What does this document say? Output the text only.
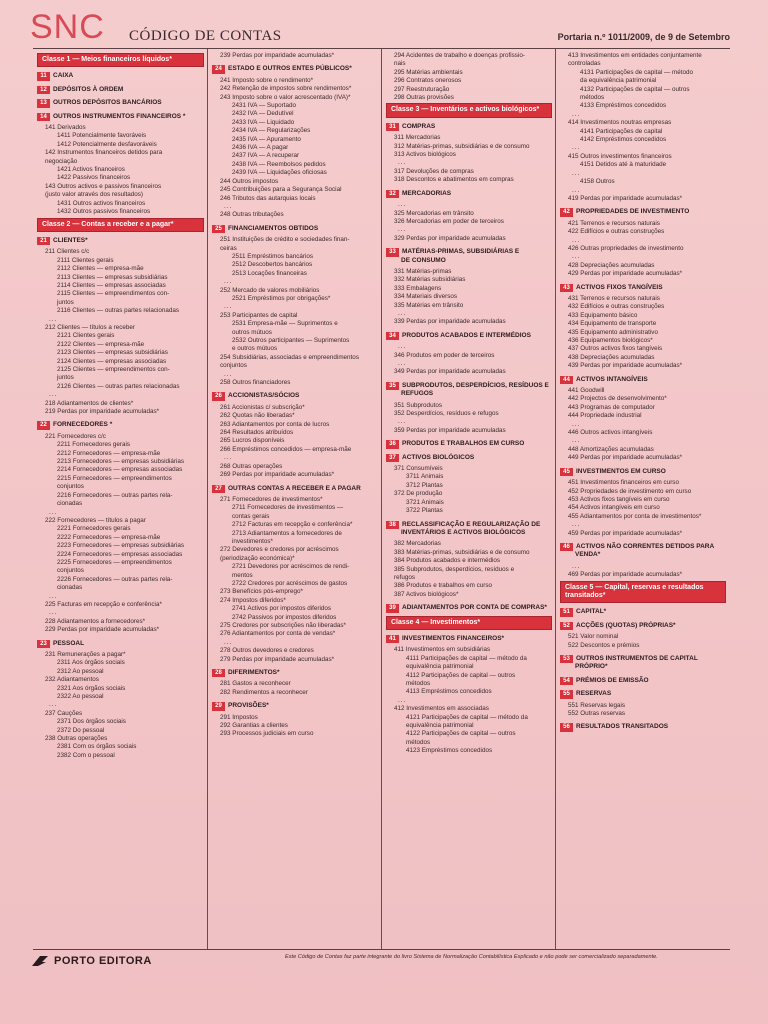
SNC CÓDIGO DE CONTAS	Portaria n.º 1011/2009, de 9 de Setembro
Classe 1 — Meios financeiros líquidos*
11 CAIXA
12 DEPÓSITOS À ORDEM
13 OUTROS DEPÓSITOS BANCÁRIOS
14 OUTROS INSTRUMENTOS FINANCEIROS *
141 Derivados
1411 Potencialmente favoráveis
1412 Potencialmente desfavoráveis
142 Instrumentos financeiros detidos para
negociação
1421 Activos financeiros
1422 Passivos financeiros
143 Outros activos e passivos financeiros
(justo valor através dos resultados)
1431 Outros activos financeiros
1432 Outros passivos financeiros
Classe 2 — Contas a receber e a pagar*
21 CLIENTES*
211 Clientes c/c
2111 Clientes gerais
2112 Clientes — empresa-mãe
2113 Clientes — empresas subsidiárias
2114 Clientes — empresas associadas
2115 Clientes — empreendimentos con-
juntos
2116 Clientes — outras partes relacionadas
...
212 Clientes — títulos a receber
2121 Clientes gerais
2122 Clientes — empresa-mãe
2123 Clientes — empresas subsidiárias
2124 Clientes — empresas associadas
2125 Clientes — empreendimentos con-
juntos
2126 Clientes — outras partes relacionadas
...
218 Adiantamentos de clientes*
219 Perdas por imparidade acumuladas*
22 FORNECEDORES *
221 Fornecedores c/c
2211 Fornecedores gerais
2212 Fornecedores — empresa-mãe
2213 Fornecedores — empresas subsidiárias
2214 Fornecedores — empresas associadas
2215 Fornecedores — empreendimentos
conjuntos
2216 Fornecedores — outras partes rela-
cionadas
...
222 Fornecedores — títulos a pagar
2221 Fornecedores gerais
2222 Fornecedores — empresa-mãe
2223 Fornecedores — empresas subsidiárias
2224 Fornecedores — empresas associadas
2225 Fornecedores — empreendimentos
conjuntos
2226 Fornecedores — outras partes rela-
cionadas
...
225 Facturas em recepção e conferência*
...
228 Adiantamentos a fornecedores*
229 Perdas por imparidade acumuladas*
23 PESSOAL
231 Remunerações a pagar*
2311 Aos órgãos sociais
2312 Ao pessoal
232 Adiantamentos
2321 Aos órgãos sociais
2322 Ao pessoal
...
237 Cauções
2371 Dos órgãos sociais
2372 Do pessoal
238 Outras operações
2381 Com os órgãos sociais
2382 Com o pessoal
239 Perdas por imparidade acumuladas*
24 ESTADO E OUTROS ENTES PÚBLICOS*
241 Imposto sobre o rendimento*
242 Retenção de impostos sobre rendimentos*
243 Imposto sobre o valor acrescentado (IVA)*
2431 IVA — Suportado
2432 IVA — Dedutível
2433 IVA — Liquidado
2434 IVA — Regularizações
2435 IVA — Apuramento
2436 IVA — A pagar
2437 IVA — A recuperar
2438 IVA — Reembolsos pedidos
2439 IVA — Liquidações oficiosas
244 Outros impostos
245 Contribuições para a Segurança Social
246 Tributos das autarquias locais
...
248 Outras tributações
25 FINANCIAMENTOS OBTIDOS
251 Instituições de crédito e sociedades finan-
ceiras
2511 Empréstimos bancários
2512 Descobertos bancários
2513 Locações financeiras
...
252 Mercado de valores mobiliários
2521 Empréstimos por obrigações*
...
253 Participantes de capital
2531 Empresa-mãe — Suprimentos e
outros mútuos
2532 Outros participantes — Suprimentos
e outros mútuos
254 Subsidiárias, associadas e empreendimentos
conjuntos
...
258 Outros financiadores
26 ACCIONISTAS/SÓCIOS
261 Accionistas c/ subscrição*
262 Quotas não liberadas*
263 Adiantamentos por conta de lucros
264 Resultados atribuídos
265 Lucros disponíveis
266 Empréstimos concedidos — empresa-mãe
...
268 Outras operações
269 Perdas por imparidade acumuladas*
27 OUTRAS CONTAS A RECEBER E A PAGAR
271 Fornecedores de investimentos*
2711 Fornecedores de investimentos —
contas gerais
2712 Facturas em recepção e conferência*
2713 Adiantamentos a fornecedores de
investimentos*
272 Devedores e credores por acréscimos
(periodização económica)*
2721 Devedores por acréscimos de rendi-
mentos
2722 Credores por acréscimos de gastos
273 Benefícios pós-emprego*
274 Impostos diferidos*
2741 Activos por impostos diferidos
2742 Passivos por impostos diferidos
275 Credores por subscrições não liberadas*
276 Adiantamentos por conta de vendas*
...
278 Outros devedores e credores
279 Perdas por imparidade acumuladas*
28 DIFERIMENTOS*
281 Gastos a reconhecer
282 Rendimentos a reconhecer
29 PROVISÕES*
291 Impostos
292 Garantias a clientes
293 Processos judiciais em curso
294 Acidentes de trabalho e doenças profissio-
nais
295 Matérias ambientais
296 Contratos onerosos
297 Reestruturação
298 Outras provisões
Classe 3 — Inventários e activos biológicos*
31 COMPRAS
311 Mercadorias
312 Matérias-primas, subsidiárias e de consumo
313 Activos biológicos
...
317 Devoluções de compras
318 Descontos e abatimentos em compras
32 MERCADORIAS
...
325 Mercadorias em trânsito
326 Mercadorias em poder de terceiros
...
329 Perdas por imparidade acumuladas
33 MATÉRIAS-PRIMAS, SUBSIDIÁRIAS E
DE CONSUMO
331 Matérias-primas
332 Matérias subsidiárias
333 Embalagens
334 Materiais diversos
335 Matérias em trânsito
...
339 Perdas por imparidade acumuladas
34 PRODUTOS ACABADOS E INTERMÉDIOS
...
346 Produtos em poder de terceiros
...
349 Perdas por imparidade acumuladas
35 SUBPRODUTOS, DESPERDÍCIOS, RESÍDUOS E
REFUGOS
351 Subprodutos
352 Desperdícios, resíduos e refugos
...
359 Perdas por imparidade acumuladas
36 PRODUTOS E TRABALHOS EM CURSO
37 ACTIVOS BIOLÓGICOS
371 Consumíveis
3711 Animais
3712 Plantas
372 De produção
3721 Animais
3722 Plantas
38 RECLASSIFICAÇÃO E REGULARIZAÇÃO DE
INVENTÁRIOS E ACTIVOS BIOLÓGICOS
382 Mercadorias
383 Matérias-primas, subsidiárias e de consumo
384 Produtos acabados e intermédios
385 Subprodutos, desperdícios, resíduos e
refugos
386 Produtos e trabalhos em curso
387 Activos biológicos*
39 ADIANTAMENTOS POR CONTA DE COMPRAS*
Classe 4 — Investimentos*
41 INVESTIMENTOS FINANCEIROS*
411 Investimentos em subsidiárias
4111 Participações de capital — método da
equivalência patrimonial
4112 Participações de capital — outros
métodos
4113 Empréstimos concedidos
...
412 Investimentos em associadas
4121 Participações de capital — método da
equivalência patrimonial
4122 Participações de capital — outros
métodos
4123 Empréstimos concedidos
413 Investimentos em entidades conjuntamente
controladas
4131 Participações de capital — método
da equivalência patrimonial
4132 Participações de capital — outros
métodos
4133 Empréstimos concedidos
...
414 Investimentos noutras empresas
4141 Participações de capital
4142 Empréstimos concedidos
...
415 Outros investimentos financeiros
4151 Detidos até à maturidade
...
4158 Outros
...
419 Perdas por imparidade acumuladas*
42 PROPRIEDADES DE INVESTIMENTO
421 Terrenos e recursos naturais
422 Edifícios e outras construções
...
426 Outras propriedades de investimento
...
428 Depreciações acumuladas
429 Perdas por imparidade acumuladas*
43 ACTIVOS FIXOS TANGÍVEIS
431 Terrenos e recursos naturais
432 Edifícios e outras construções
433 Equipamento básico
434 Equipamento de transporte
435 Equipamento administrativo
436 Equipamentos biológicos*
437 Outros activos fixos tangíveis
438 Depreciações acumuladas
439 Perdas por imparidade acumuladas*
44 ACTIVOS INTANGÍVEIS
441 Goodwill
442 Projectos de desenvolvimento*
443 Programas de computador
444 Propriedade industrial
...
446 Outros activos intangíveis
...
448 Amortizações acumuladas
449 Perdas por imparidade acumuladas*
45 INVESTIMENTOS EM CURSO
451 Investimentos financeiros em curso
452 Propriedades de investimento em curso
453 Activos fixos tangíveis em curso
454 Activos intangíveis em curso
455 Adiantamentos por conta de investimentos*
...
459 Perdas por imparidade acumuladas*
46 ACTIVOS NÃO CORRENTES DETIDOS PARA
VENDA*
...
469 Perdas por imparidade acumuladas*
Classe 5 — Capital, reservas e resultados transitados*
51 CAPITAL*
52 ACÇÕES (QUOTAS) PRÓPRIAS*
521 Valor nominal
522 Descontos e prémios
53 OUTROS INSTRUMENTOS DE CAPITAL
PRÓPRIO*
54 PRÉMIOS DE EMISSÃO
55 RESERVAS
551 Reservas legais
552 Outras reservas
56 RESULTADOS TRANSITADOS
PORTO EDITORA	Este Código de Contas faz parte integrante do livro Sistema de Normalização Contabilística Explicado e não pode ser comercializado separadamente.
